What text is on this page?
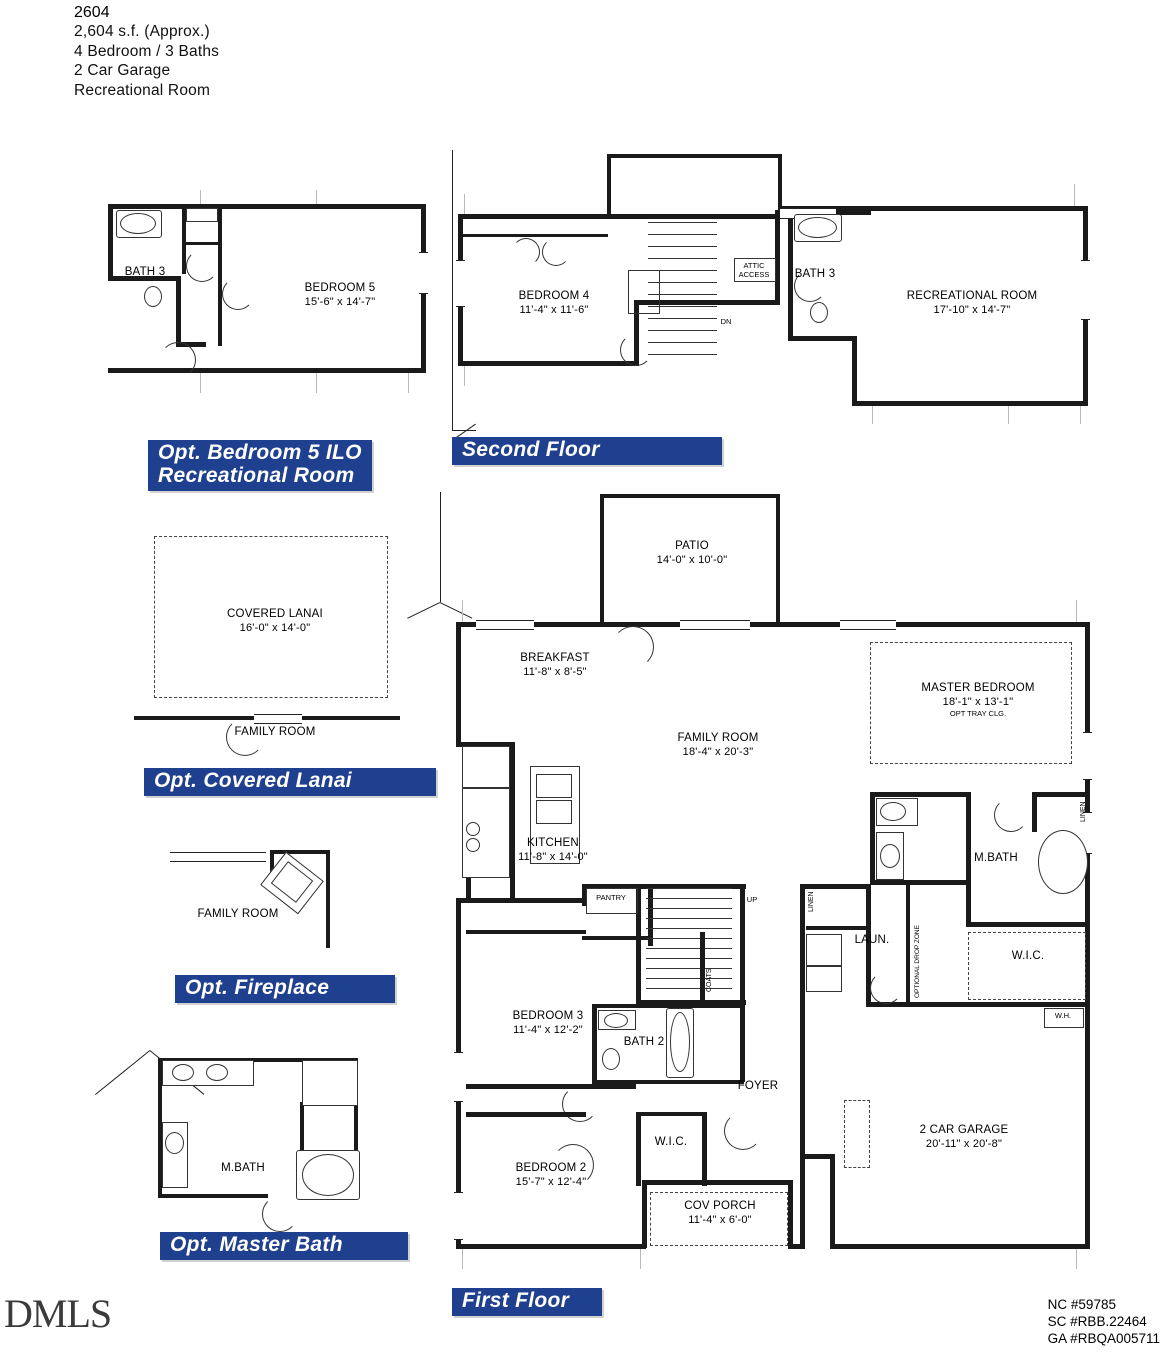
2604
2,604 s.f. (Approx.)
4 Bedroom / 3 Baths
2 Car Garage
Recreational Room
BATH 3
BEDROOM 5
15'-6" x 14'-7"
Opt. Bedroom 5 ILO
Recreational Room
DN
ATTIC
ACCESS
BEDROOM 4
11'-4" x 11'-6"
BATH 3
RECREATIONAL ROOM
17'-10" x 14'-7"
Second Floor
COVERED LANAI
16'-0" x 14'-0"
FAMILY ROOM
Opt. Covered Lanai
FAMILY ROOM
Opt. Fireplace
M.BATH
Opt. Master Bath
PATIO
14'-0" x 10'-0"
UP
COATS
PANTRY
MASTER BEDROOM
18'-1" x 13'-1"
OPT TRAY CLG.
LINEN
M.BATH
W.I.C.
LINEN
LAUN.	OPTIONAL DROP ZONE
W.H.
2 CAR GARAGE
20'-11" x 20'-8"
BEDROOM 3
11'-4" x 12'-2"
BATH 2
FOYER
W.I.C.
BEDROOM 2
15'-7" x 12'-4"
COV PORCH
11'-4" x 6'-0"
BREAKFAST
11'-8" x 8'-5"
FAMILY ROOM
18'-4" x 20'-3"
KITCHEN
11'-8" x 14'-0"
First Floor
DMLS	NC #59785
SC #RBB.22464
GA #RBQA005711
